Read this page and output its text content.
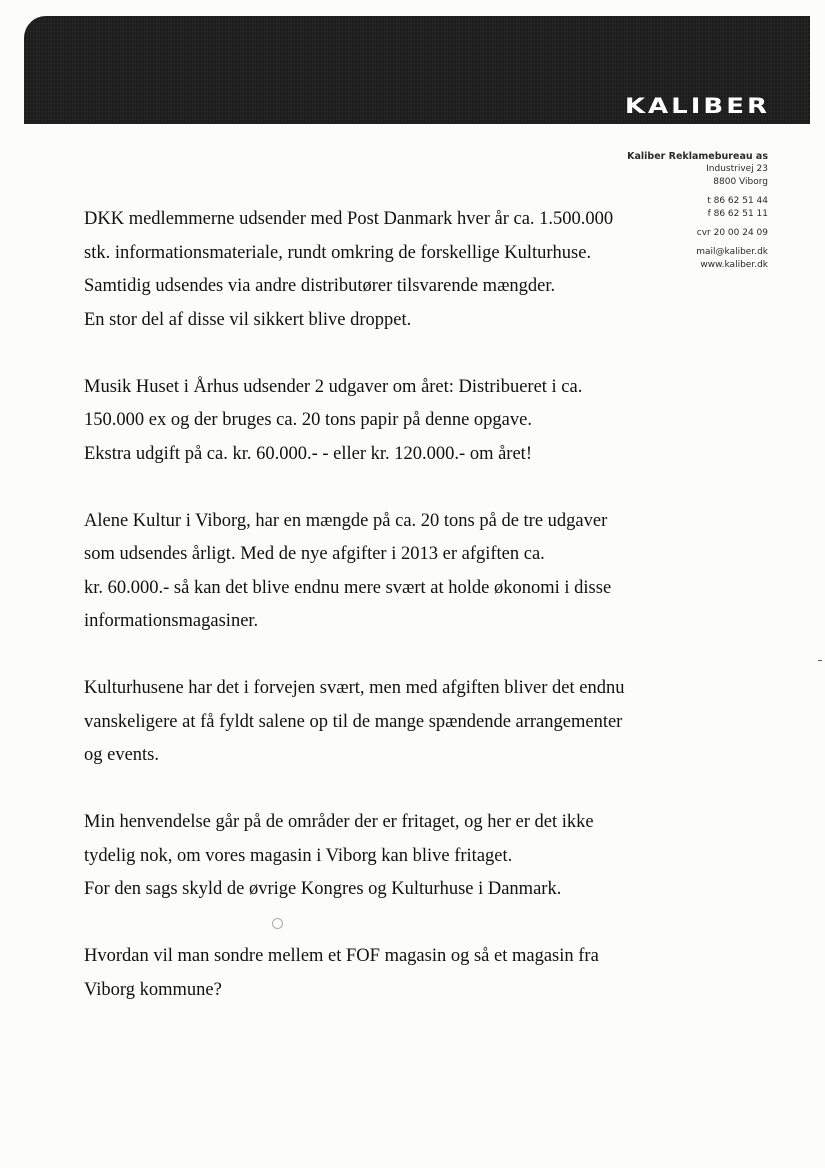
KALIBER
Kaliber Reklamebureau as
Industrivej 23
8800 Viborg
t 86 62 51 44
f 86 62 51 11
cvr 20 00 24 09
mail@kaliber.dk
www.kaliber.dk
DKK medlemmerne udsender med Post Danmark hver år ca. 1.500.000
stk. informationsmateriale, rundt omkring de forskellige Kulturhuse.
Samtidig udsendes via andre distributører tilsvarende mængder.
En stor del af disse vil sikkert blive droppet.
Musik Huset i Århus udsender 2 udgaver om året: Distribueret i ca.
150.000 ex og der bruges ca. 20 tons papir på denne opgave.
Ekstra udgift på ca. kr. 60.000.- - eller kr. 120.000.- om året!
Alene Kultur i Viborg, har en mængde på ca. 20 tons på de tre udgaver
som udsendes årligt. Med de nye afgifter i 2013 er afgiften ca.
kr. 60.000.- så kan det blive endnu mere svært at holde økonomi i disse
informationsmagasiner.
Kulturhusene har det i forvejen svært, men med afgiften bliver det endnu
vanskeligere at få fyldt salene op til de mange spændende arrangementer
og events.
Min henvendelse går på de områder der er fritaget, og her er det ikke
tydelig nok, om vores magasin i Viborg kan blive fritaget.
For den sags skyld de øvrige Kongres og Kulturhuse i Danmark.
Hvordan vil man sondre mellem et FOF magasin og så et magasin fra
Viborg kommune?
